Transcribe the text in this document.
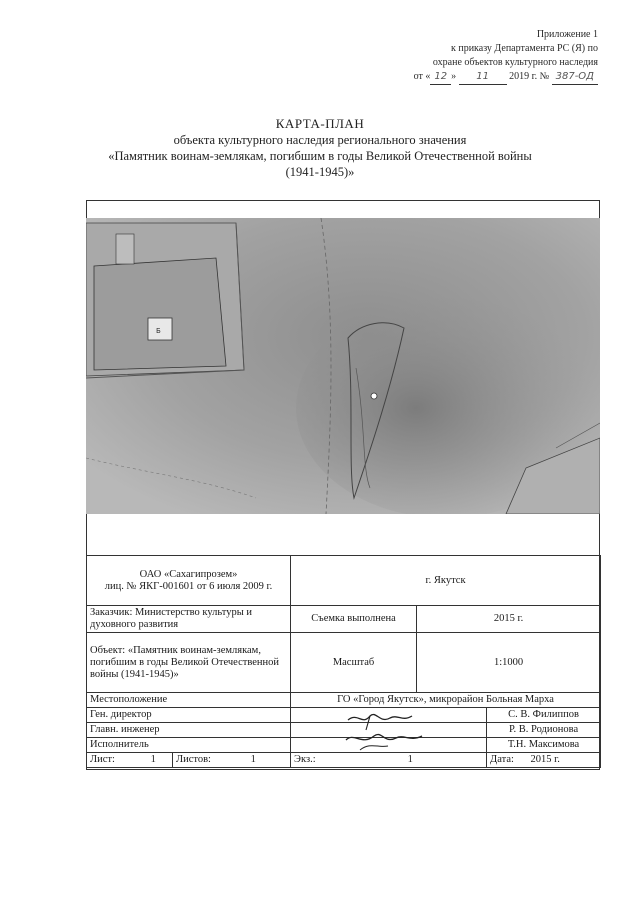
Приложение 1
к приказу Департамента РС (Я) по
охране объектов культурного наследия
от « 12 » 11 2019 г. № 387-ОД
КАРТА-ПЛАН
объекта культурного наследия регионального значения
«Памятник воинам-землякам, погибшим в годы Великой Отечественной войны
(1941-1945)»
Б
ОАО «Сахагипрозем»
лиц. № ЯКГ-001601 от 6 июля 2009 г.				г. Якутск			
Заказчик: Министерство культуры и духовного развития				Съемка выполнена		2015 г.	
Объект: «Памятник воинам-землякам, погибшим в годы Великой Отечественной войны (1941-1945)»				Масштаб		1:1000	
Местоположение				ГО «Город Якутск», микрорайон Больная Марха			
Ген. директор							С. В. Филиппов
Главн. инженер							Р. В. Родионова
Исполнитель							Т.Н. Максимова
Лист:	1	Листов:	1	Экз.:	1		Дата: 2015 г.
